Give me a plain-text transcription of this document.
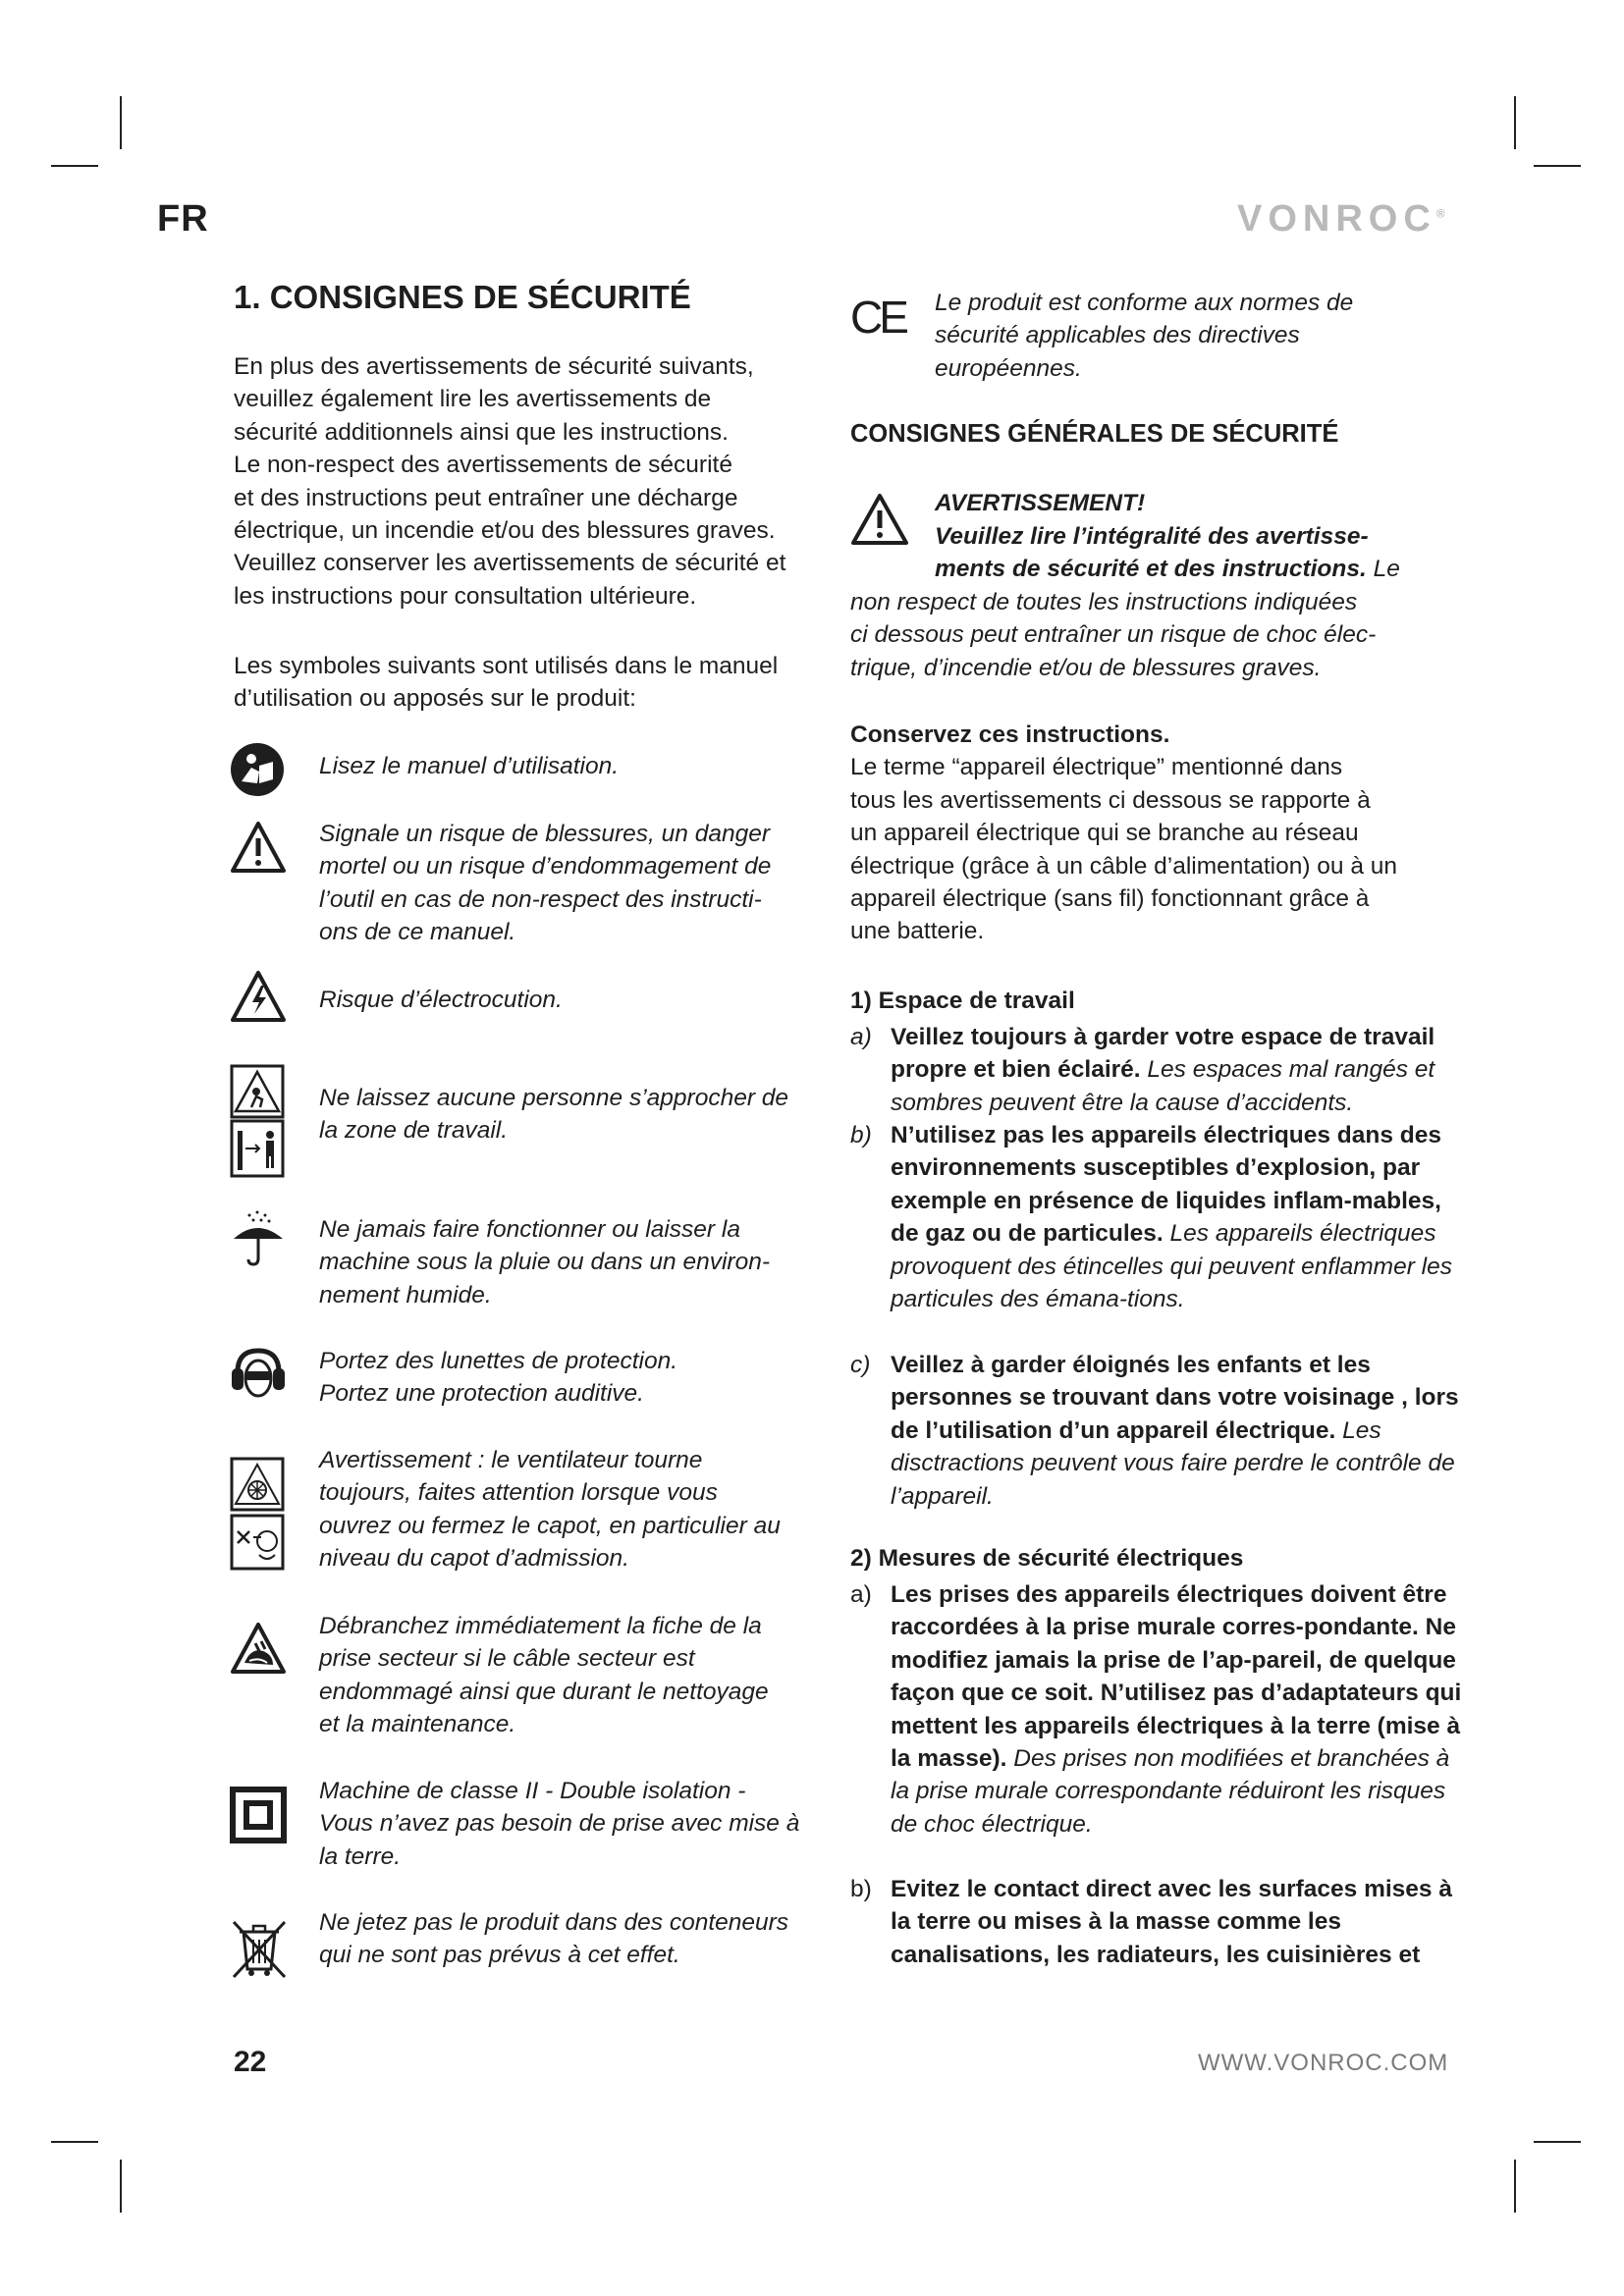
FR	VONROC®
1. CONSIGNES DE SÉCURITÉ

En plus des avertissements de sécurité suivants,
veuillez également lire les avertissements de
sécurité additionnels ainsi que les instructions.
Le non-respect des avertissements de sécurité
et des instructions peut entraîner une décharge
électrique, un incendie et/ou des blessures graves.
Veuillez conserver les avertissements de sécurité et
les instructions pour consultation ultérieure.

Les symboles suivants sont utilisés dans le manuel
d’utilisation ou apposés sur le produit:

Lisez le manuel d’utilisation.

Signale un risque de blessures, un danger
mortel ou un risque d’endommagement de
l’outil en cas de non-respect des instructi-
ons de ce manuel.

Risque d’électrocution.

Ne laissez aucune personne s’approcher de
la zone de travail.

Ne jamais faire fonctionner ou laisser la
machine sous la pluie ou dans un environ-
nement humide.

Portez des lunettes de protection.
Portez une protection auditive.

Avertissement : le ventilateur tourne
toujours, faites attention lorsque vous
ouvrez ou fermez le capot, en particulier au
niveau du capot d’admission.

Débranchez immédiatement la fiche de la
prise secteur si le câble secteur est
endommagé ainsi que durant le nettoyage
et la maintenance.

Machine de classe II - Double isolation -
Vous n’avez pas besoin de prise avec mise à
la terre.

Ne jetez pas le produit dans des conteneurs
qui ne sont pas prévus à cet effet.

CE Le produit est conforme aux normes de
sécurité applicables des directives
européennes.

CONSIGNES GÉNÉRALES DE SÉCURITÉ

AVERTISSEMENT!

Veuillez lire l’intégralité des avertisse-
ments de sécurité et des instructions. Le
non respect de toutes les instructions indiquées
ci dessous peut entraîner un risque de choc élec-
trique, d’incendie et/ou de blessures graves.

Conservez ces instructions.
Le terme “appareil électrique” mentionné dans
tous les avertissements ci dessous se rapporte à
un appareil électrique qui se branche au réseau
électrique (grâce à un câble d’alimentation) ou à un
appareil électrique (sans fil) fonctionnant grâce à
une batterie.

1) Espace de travail

a) Veillez toujours à garder votre espace de travail propre et bien éclairé. Les espaces mal rangés et sombres peuvent être la cause d’accidents.
b) N’utilisez pas les appareils électriques dans des environnements susceptibles d’explosion, par exemple en présence de liquides inflam-mables, de gaz ou de particules. Les appareils électriques provoquent des étincelles qui peuvent enflammer les particules des émana-tions.
c) Veillez à garder éloignés les enfants et les personnes se trouvant dans votre voisinage , lors de l’utilisation d’un appareil électrique. Les disctractions peuvent vous faire perdre le contrôle de l’appareil.

2) Mesures de sécurité électriques

a) Les prises des appareils électriques doivent être raccordées à la prise murale corres-pondante. Ne modifiez jamais la prise de l’ap-pareil, de quelque façon que ce soit. N’utilisez pas d’adaptateurs qui mettent les appareils électriques à la terre (mise à la masse). Des prises non modifiées et branchées à la prise murale correspondante réduiront les risques de choc électrique.
b) Evitez le contact direct avec les surfaces mises à la terre ou mises à la masse comme les canalisations, les radiateurs, les cuisinières et
22	WWW.VONROC.COM
